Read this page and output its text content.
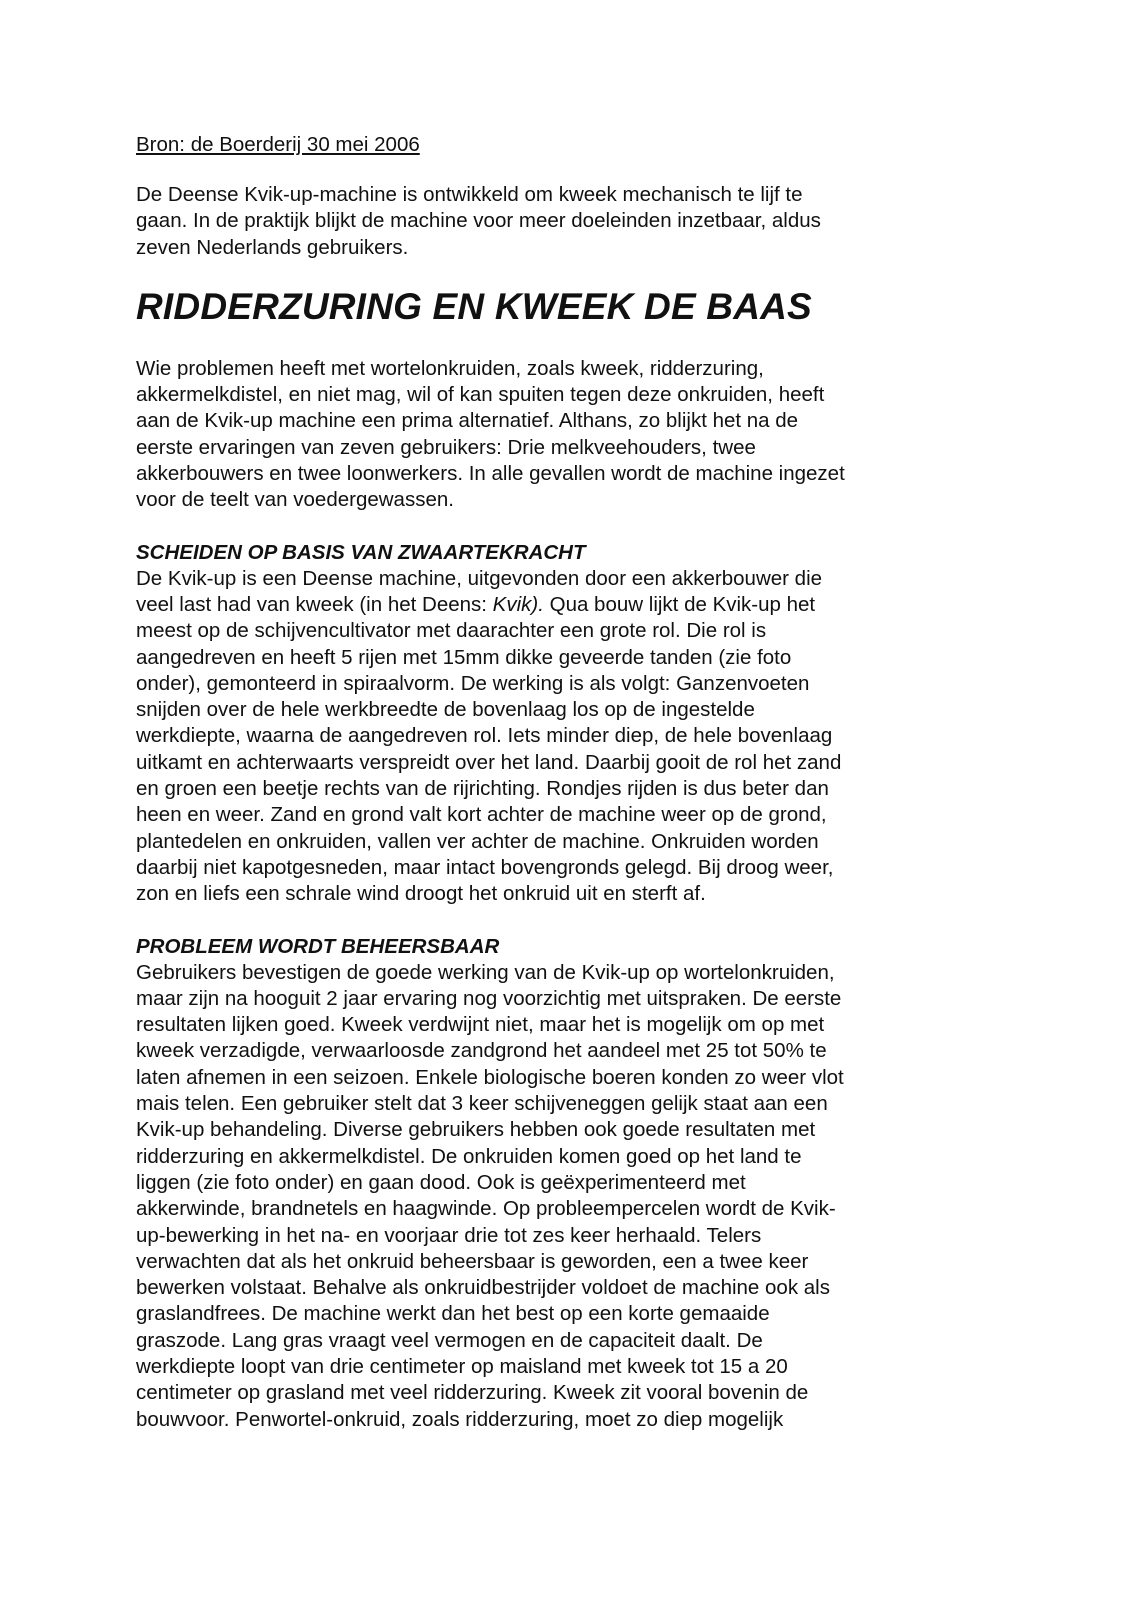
Bron: de Boerderij 30 mei 2006

De Deense Kvik-up-machine is ontwikkeld om kweek mechanisch te lijf te
gaan. In de praktijk blijkt de machine voor meer doeleinden inzetbaar, aldus
zeven Nederlands gebruikers.

RIDDERZURING EN KWEEK DE BAAS

Wie problemen heeft met wortelonkruiden, zoals kweek, ridderzuring,
akkermelkdistel, en niet mag, wil of kan spuiten tegen deze onkruiden, heeft
aan de Kvik-up machine een prima alternatief. Althans, zo blijkt het na de
eerste ervaringen van zeven gebruikers: Drie melkveehouders, twee
akkerbouwers en twee loonwerkers. In alle gevallen wordt de machine ingezet
voor de teelt van voedergewassen.

SCHEIDEN OP BASIS VAN ZWAARTEKRACHT

De Kvik-up is een Deense machine, uitgevonden door een akkerbouwer die
veel last had van kweek (in het Deens: Kvik). Qua bouw lijkt de Kvik-up het
meest op de schijvencultivator met daarachter een grote rol. Die rol is
aangedreven en heeft 5 rijen met 15mm dikke geveerde tanden (zie foto
onder), gemonteerd in spiraalvorm. De werking is als volgt: Ganzenvoeten
snijden over de hele werkbreedte de bovenlaag los op de ingestelde
werkdiepte, waarna de aangedreven rol. Iets minder diep, de hele bovenlaag
uitkamt en achterwaarts verspreidt over het land. Daarbij gooit de rol het zand
en groen een beetje rechts van de rijrichting. Rondjes rijden is dus beter dan
heen en weer. Zand en grond valt kort achter de machine weer op de grond,
plantedelen en onkruiden, vallen ver achter de machine. Onkruiden worden
daarbij niet kapotgesneden, maar intact bovengronds gelegd. Bij droog weer,
zon en liefs een schrale wind droogt het onkruid uit en sterft af.

PROBLEEM WORDT BEHEERSBAAR

Gebruikers bevestigen de goede werking van de Kvik-up op wortelonkruiden,
maar zijn na hooguit 2 jaar ervaring nog voorzichtig met uitspraken. De eerste
resultaten lijken goed. Kweek verdwijnt niet, maar het is mogelijk om op met
kweek verzadigde, verwaarloosde zandgrond het aandeel met 25 tot 50% te
laten afnemen in een seizoen. Enkele biologische boeren konden zo weer vlot
mais telen. Een gebruiker stelt dat 3 keer schijveneggen gelijk staat aan een
Kvik-up behandeling. Diverse gebruikers hebben ook goede resultaten met
ridderzuring en akkermelkdistel. De onkruiden komen goed op het land te
liggen (zie foto onder) en gaan dood. Ook is geëxperimenteerd met
akkerwinde, brandnetels en haagwinde. Op probleempercelen wordt de Kvik-
up-bewerking in het na- en voorjaar drie tot zes keer herhaald. Telers
verwachten dat als het onkruid beheersbaar is geworden, een a twee keer
bewerken volstaat. Behalve als onkruidbestrijder voldoet de machine ook als
graslandfrees. De machine werkt dan het best op een korte gemaaide
graszode. Lang gras vraagt veel vermogen en de capaciteit daalt. De
werkdiepte loopt van drie centimeter op maisland met kweek tot 15 a 20
centimeter op grasland met veel ridderzuring. Kweek zit vooral bovenin de
bouwvoor. Penwortel-onkruid, zoals ridderzuring, moet zo diep mogelijk
